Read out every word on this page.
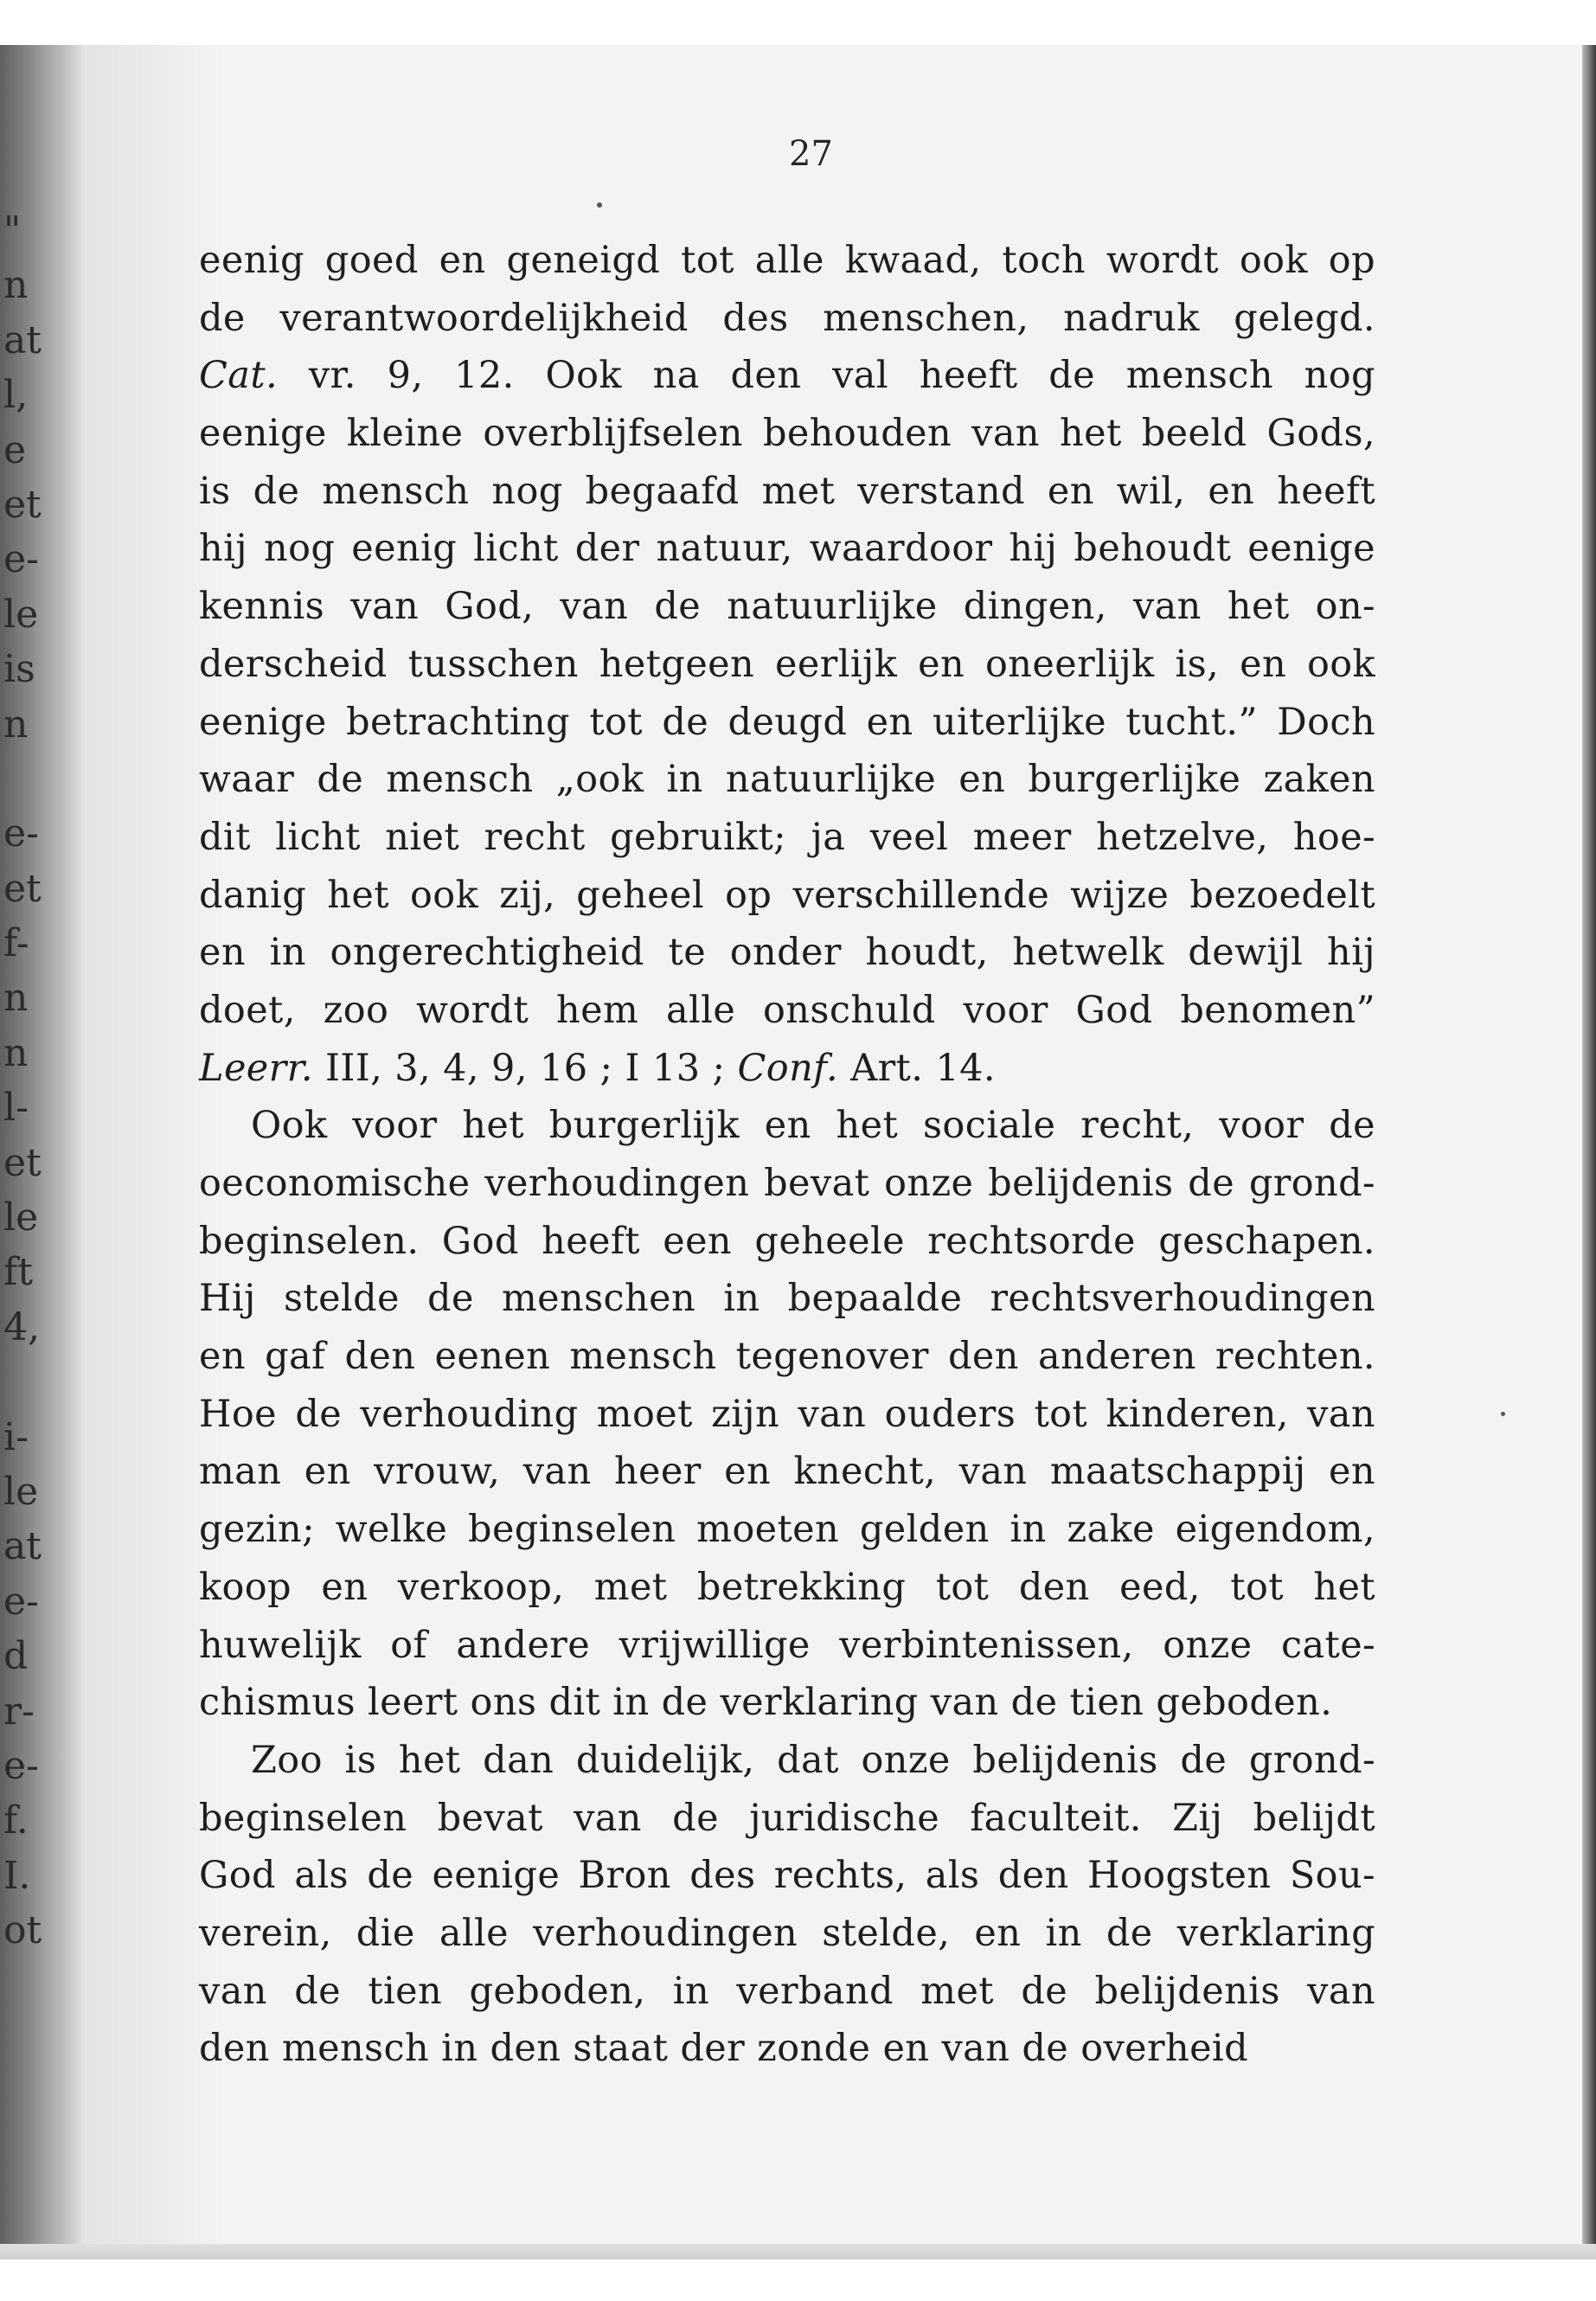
"
n
at
l,
e
et
e-
le
is
n
e-
et
f-
n
n
l-
et
le
ft
4,
i-
le
at
e-
d
r-
e-
f.
I.
ot
27
eenig goed en geneigd tot alle kwaad, toch wordt ook op
de verantwoordelijkheid des menschen, nadruk gelegd.
Cat. vr. 9, 12. Ook na den val heeft de mensch nog
eenige kleine overblijfselen behouden van het beeld Gods,
is de mensch nog begaafd met verstand en wil, en heeft
hij nog eenig licht der natuur, waardoor hij behoudt eenige
kennis van God, van de natuurlijke dingen, van het on-
derscheid tusschen hetgeen eerlijk en oneerlijk is, en ook
eenige betrachting tot de deugd en uiterlijke tucht.” Doch
waar de mensch „ook in natuurlijke en burgerlijke zaken
dit licht niet recht gebruikt; ja veel meer hetzelve, hoe-
danig het ook zij, geheel op verschillende wijze bezoedelt
en in ongerechtigheid te onder houdt, hetwelk dewijl hij
doet, zoo wordt hem alle onschuld voor God benomen”
Leerr. III, 3, 4, 9, 16 ; I 13 ; Conf. Art. 14.
Ook voor het burgerlijk en het sociale recht, voor de
oeconomische verhoudingen bevat onze belijdenis de grond-
beginselen. God heeft een geheele rechtsorde geschapen.
Hij stelde de menschen in bepaalde rechtsverhoudingen
en gaf den eenen mensch tegenover den anderen rechten.
Hoe de verhouding moet zijn van ouders tot kinderen, van
man en vrouw, van heer en knecht, van maatschappij en
gezin; welke beginselen moeten gelden in zake eigendom,
koop en verkoop, met betrekking tot den eed, tot het
huwelijk of andere vrijwillige verbintenissen, onze cate-
chismus leert ons dit in de verklaring van de tien geboden.
Zoo is het dan duidelijk, dat onze belijdenis de grond-
beginselen bevat van de juridische faculteit. Zij belijdt
God als de eenige Bron des rechts, als den Hoogsten Sou-
verein, die alle verhoudingen stelde, en in de verklaring
van de tien geboden, in verband met de belijdenis van
den mensch in den staat der zonde en van de overheid
